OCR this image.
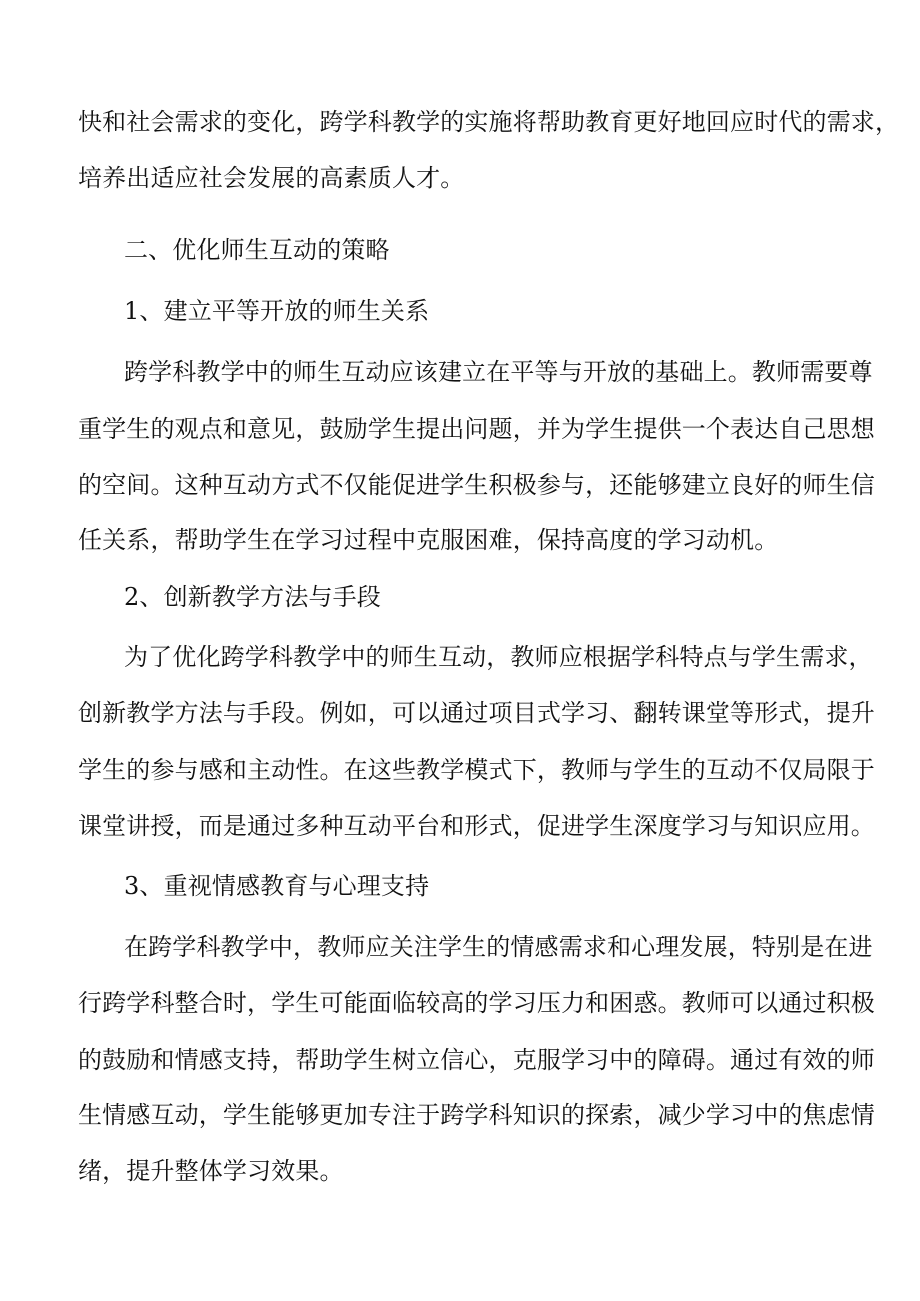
快和社会需求的变化，跨学科教学的实施将帮助教育更好地回应时代的需求，
培养出适应社会发展的高素质人才。
二、优化师生互动的策略
1、建立平等开放的师生关系
跨学科教学中的师生互动应该建立在平等与开放的基础上。教师需要尊
重学生的观点和意见，鼓励学生提出问题，并为学生提供一个表达自己思想
的空间。这种互动方式不仅能促进学生积极参与，还能够建立良好的师生信
任关系，帮助学生在学习过程中克服困难，保持高度的学习动机。
2、创新教学方法与手段
为了优化跨学科教学中的师生互动，教师应根据学科特点与学生需求，
创新教学方法与手段。例如，可以通过项目式学习、翻转课堂等形式，提升
学生的参与感和主动性。在这些教学模式下，教师与学生的互动不仅局限于
课堂讲授，而是通过多种互动平台和形式，促进学生深度学习与知识应用。
3、重视情感教育与心理支持
在跨学科教学中，教师应关注学生的情感需求和心理发展，特别是在进
行跨学科整合时，学生可能面临较高的学习压力和困惑。教师可以通过积极
的鼓励和情感支持，帮助学生树立信心，克服学习中的障碍。通过有效的师
生情感互动，学生能够更加专注于跨学科知识的探索，减少学习中的焦虑情
绪，提升整体学习效果。
